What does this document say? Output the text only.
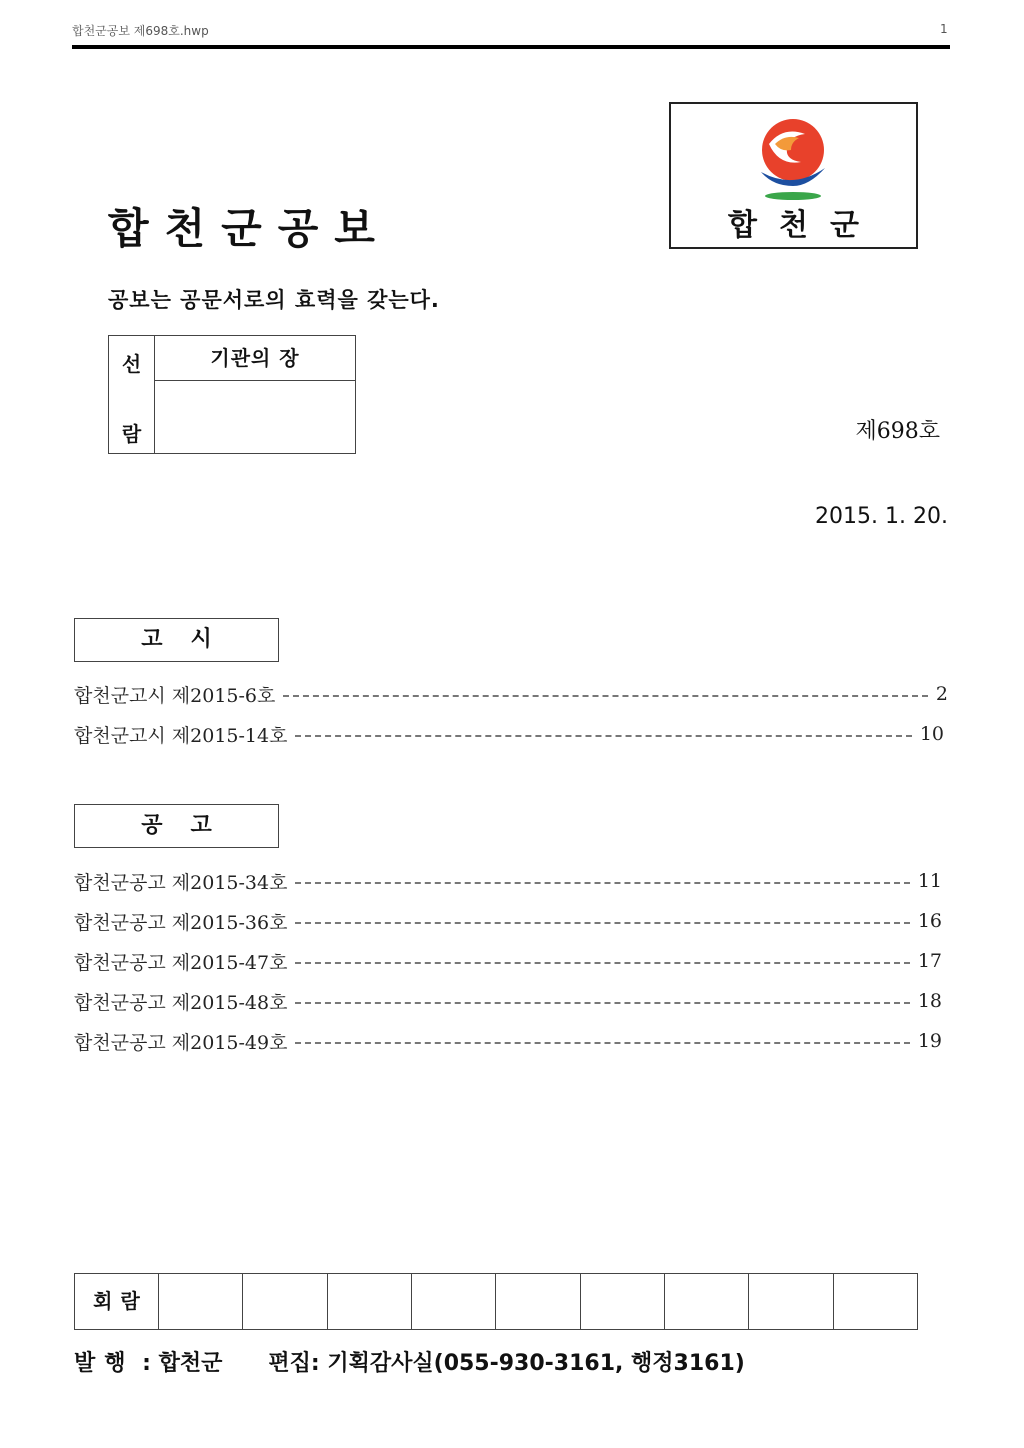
합천군공보 제698호.hwp	1
합천군공보
공보는 공문서로의 효력을 갖는다.
합천군
선
람
기관의 장
제698호
2015. 1. 20.
고시
합천군고시 제2015-6호	2
합천군고시 제2015-14호	10
공고
합천군공고 제2015-34호	11
합천군공고 제2015-36호	16
합천군공고 제2015-47호	17
합천군공고 제2015-48호	18
합천군공고 제2015-49호	19
회람
발행 : 합천군 편집: 기획감사실(055-930-3161, 행정3161)
